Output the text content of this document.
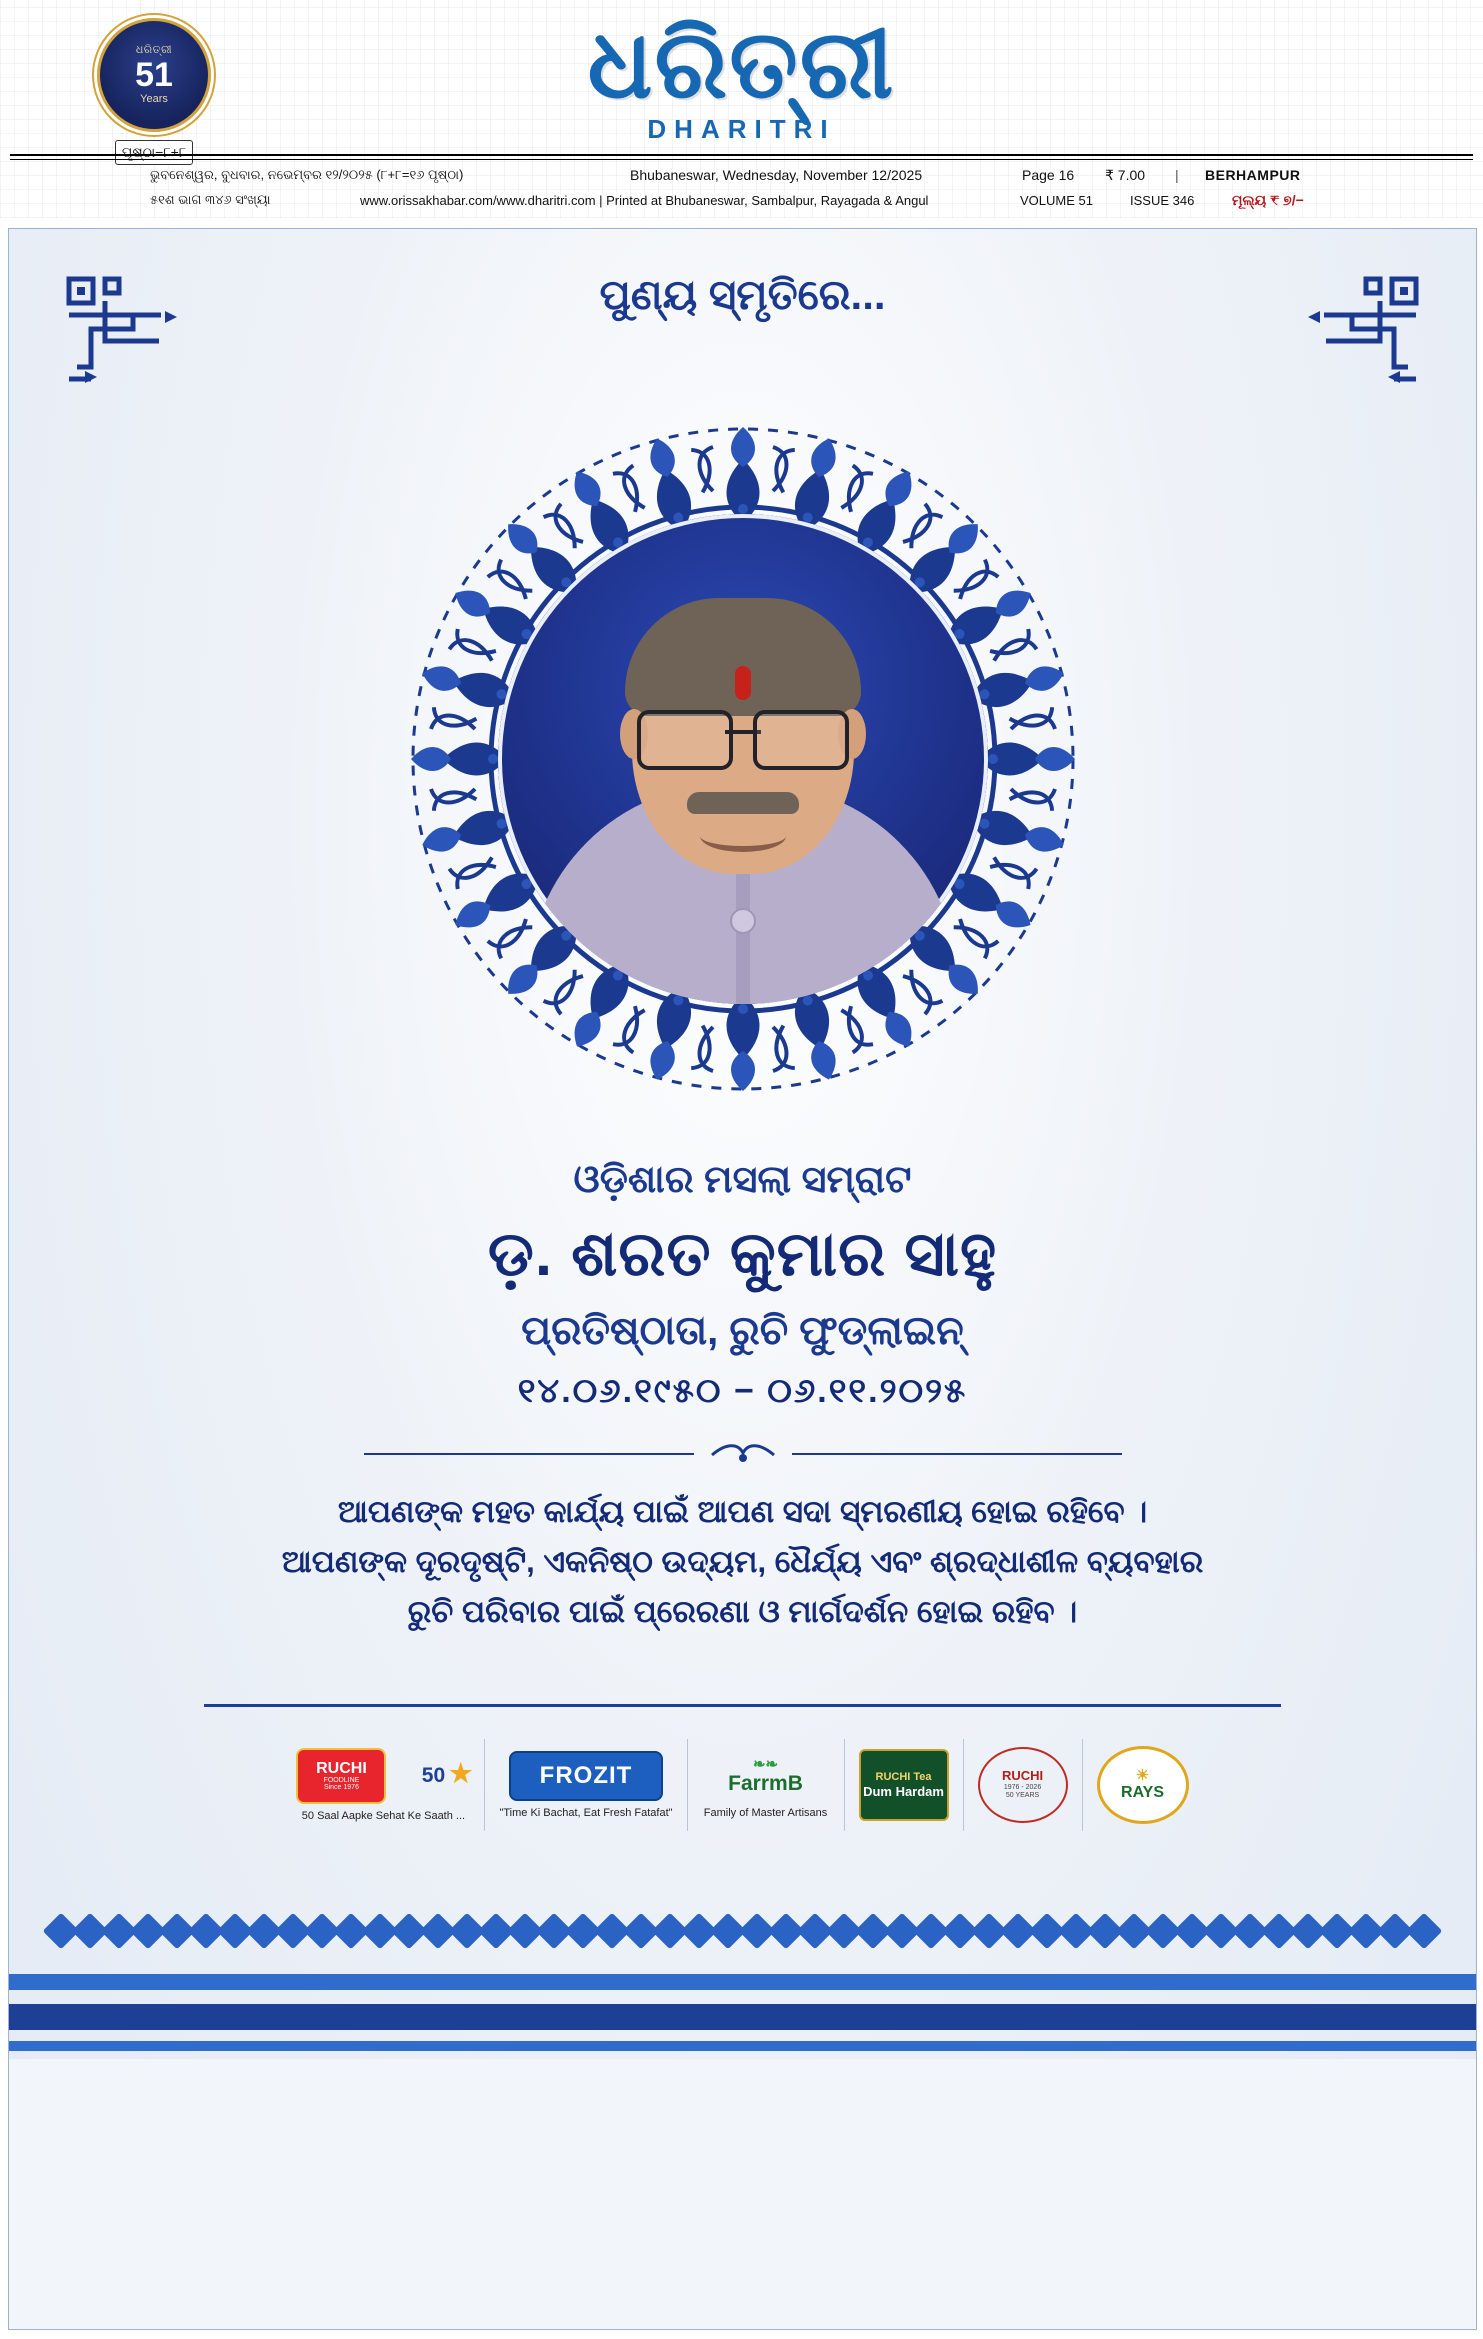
ଧରିତ୍ରୀ
51
Years
ପୃଷ୍ଠା−୮+୮
ଧରିତ୍ରୀ
DHARITRI
ଭୁବନେଶ୍ୱର, ବୁଧବାର, ନଭେମ୍ବର ୧୨/୨୦୨୫ (୮+୮=୧୬ ପୃଷ୍ଠା)	Bhubaneswar, Wednesday, November 12/2025	Page 16 ₹ 7.00 | BERHAMPUR
୫୧ଶ ଭାଗ ୩୪୬ ସଂଖ୍ୟା	www.orissakhabar.com/www.dharitri.com | Printed at Bhubaneswar, Sambalpur, Rayagada & Angul	VOLUME 51	ISSUE 346	ମୂଲ୍ୟ ₹ ୭/−
ପୁଣ୍ୟ ସ୍ମୃତିରେ...
ଓଡ଼ିଶାର ମସଲା ସମ୍ରାଟ
ଡ଼. ଶରତ କୁମାର ସାହୁ
ପ୍ରତିଷ୍ଠାତା, ରୁଚି ଫୁଡ୍‌ଲାଇନ୍
୧୪.୦୬.୧୯୫୦ − ୦୬.୧୧.୨୦୨୫
ଆପଣଙ୍କ ମହତ କାର୍ଯ୍ୟ ପାଇଁ ଆପଣ ସଦା ସ୍ମରଣୀୟ ହୋଇ ରହିବେ ।
ଆପଣଙ୍କ ଦୂରଦୃଷ୍ଟି, ଏକନିଷ୍ଠ ଉଦ୍ୟମ, ଧୈର୍ଯ୍ୟ ଏବଂ ଶ୍ରଦ୍ଧାଶୀଳ ବ୍ୟବହାର
ରୁଚି ପରିବାର ପାଇଁ ପ୍ରେରଣା ଓ ମାର୍ଗଦର୍ଶନ ହୋଇ ରହିବ ।
RUCHI
FOODLINE
Since 1976
50 ★
50 Saal Aapke Sehat Ke Saath ...
FROZIT
"Time Ki Bachat, Eat Fresh Fatafat"
❧❧
FarrmB
Family of Master Artisans
RUCHI Tea
Dum Hardam
RUCHI
1976 - 2026
50 YEARS
☀
RAYS
